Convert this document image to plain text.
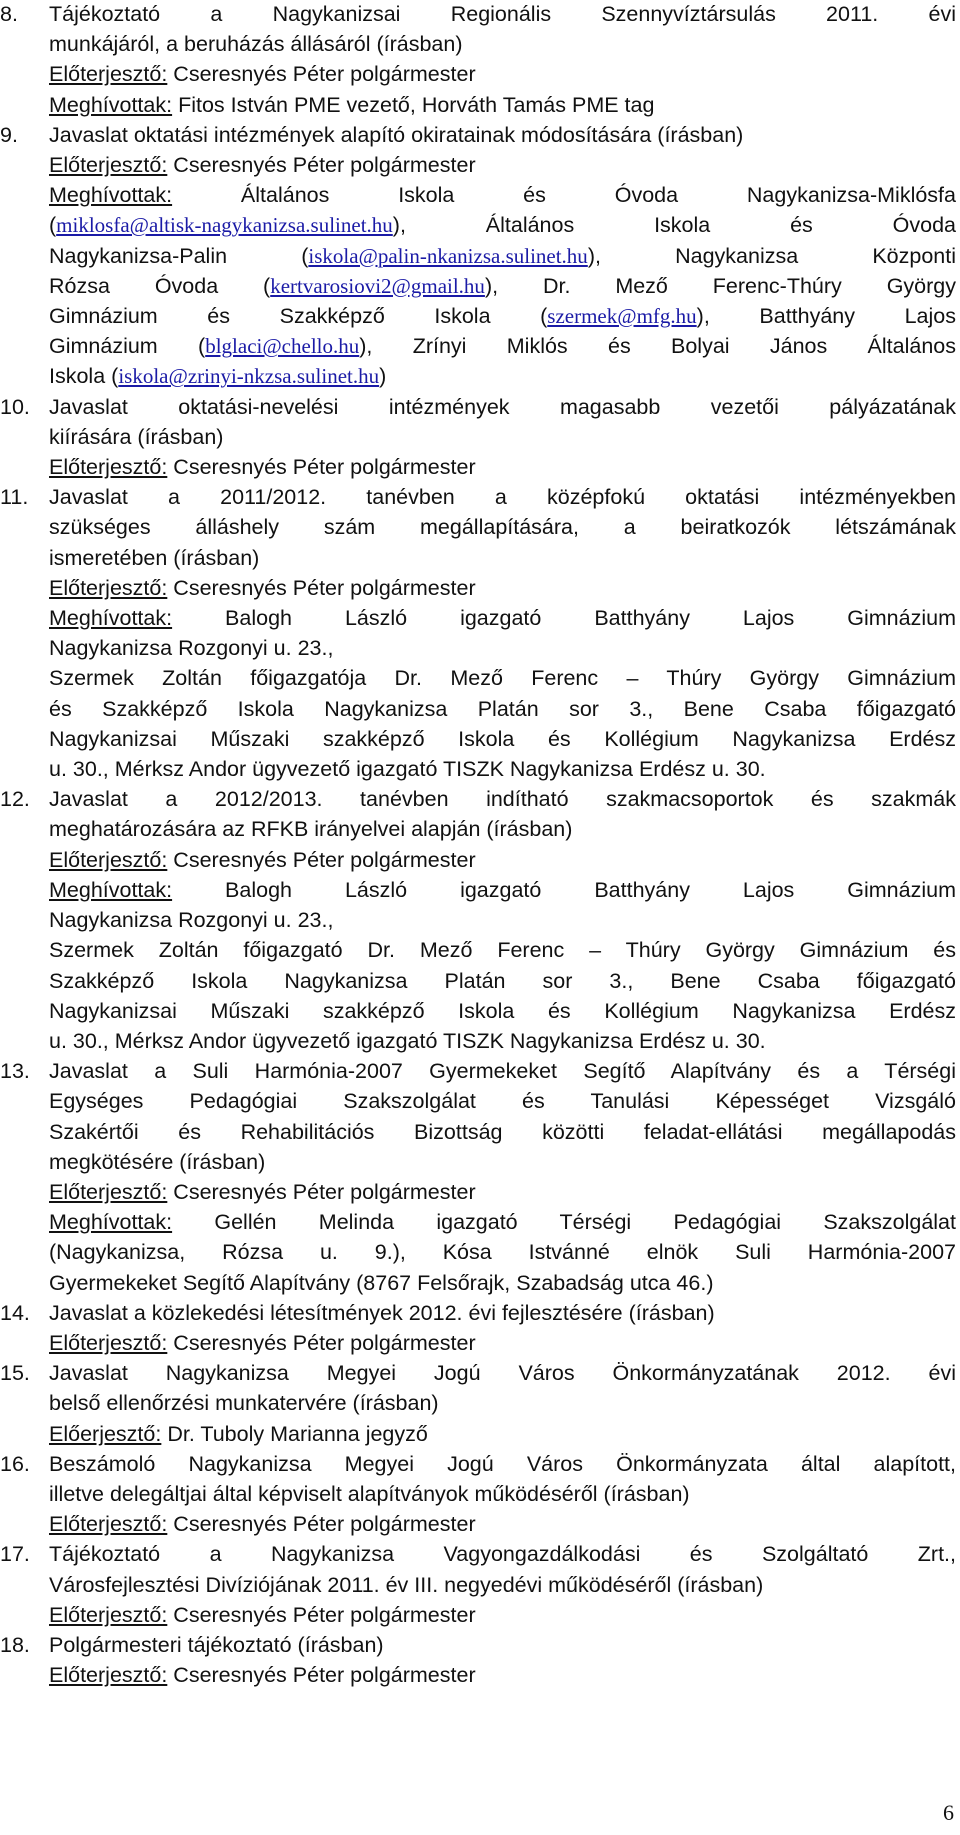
8. Tájékoztató a Nagykanizsai Regionális Szennyvíztársulás 2011. évi
munkájáról, a beruházás állásáról (írásban)
Előterjesztő: Cseresnyés Péter polgármester
Meghívottak: Fitos István PME vezető, Horváth Tamás PME tag
9. Javaslat oktatási intézmények alapító okiratainak módosítására (írásban)
Előterjesztő: Cseresnyés Péter polgármester
Meghívottak: Általános Iskola és Óvoda Nagykanizsa-Miklósfa
(miklosfa@altisk-nagykanizsa.sulinet.hu), Általános Iskola és Óvoda
Nagykanizsa-Palin (iskola@palin-nkanizsa.sulinet.hu), Nagykanizsa Központi
Rózsa Óvoda (kertvarosiovi2@gmail.hu), Dr. Mező Ferenc-Thúry György
Gimnázium és Szakképző Iskola (szermek@mfg.hu), Batthyány Lajos
Gimnázium (blglaci@chello.hu), Zrínyi Miklós és Bolyai János Általános
Iskola (iskola@zrinyi-nkzsa.sulinet.hu)
10. Javaslat oktatási-nevelési intézmények magasabb vezetői pályázatának
kiírására (írásban)
Előterjesztő: Cseresnyés Péter polgármester
11. Javaslat a 2011/2012. tanévben a középfokú oktatási intézményekben
szükséges álláshely szám megállapítására, a beiratkozók létszámának
ismeretében (írásban)
Előterjesztő: Cseresnyés Péter polgármester
Meghívottak: Balogh László igazgató Batthyány Lajos Gimnázium
Nagykanizsa Rozgonyi u. 23.,
Szermek Zoltán főigazgatója Dr. Mező Ferenc – Thúry György Gimnázium
és Szakképző Iskola Nagykanizsa Platán sor 3., Bene Csaba főigazgató
Nagykanizsai Műszaki szakképző Iskola és Kollégium Nagykanizsa Erdész
u. 30., Mérksz Andor ügyvezető igazgató TISZK Nagykanizsa Erdész u. 30.
12. Javaslat a 2012/2013. tanévben indítható szakmacsoportok és szakmák
meghatározására az RFKB irányelvei alapján (írásban)
Előterjesztő: Cseresnyés Péter polgármester
Meghívottak: Balogh László igazgató Batthyány Lajos Gimnázium
Nagykanizsa Rozgonyi u. 23.,
Szermek Zoltán főigazgató Dr. Mező Ferenc – Thúry György Gimnázium és
Szakképző Iskola Nagykanizsa Platán sor 3., Bene Csaba főigazgató
Nagykanizsai Műszaki szakképző Iskola és Kollégium Nagykanizsa Erdész
u. 30., Mérksz Andor ügyvezető igazgató TISZK Nagykanizsa Erdész u. 30.
13. Javaslat a Suli Harmónia-2007 Gyermekeket Segítő Alapítvány és a Térségi
Egységes Pedagógiai Szakszolgálat és Tanulási Képességet Vizsgáló
Szakértői és Rehabilitációs Bizottság közötti feladat-ellátási megállapodás
megkötésére (írásban)
Előterjesztő: Cseresnyés Péter polgármester
Meghívottak: Gellén Melinda igazgató Térségi Pedagógiai Szakszolgálat
(Nagykanizsa, Rózsa u. 9.), Kósa Istvánné elnök Suli Harmónia-2007
Gyermekeket Segítő Alapítvány (8767 Felsőrajk, Szabadság utca 46.)
14. Javaslat a közlekedési létesítmények 2012. évi fejlesztésére (írásban)
Előterjesztő: Cseresnyés Péter polgármester
15. Javaslat Nagykanizsa Megyei Jogú Város Önkormányzatának 2012. évi
belső ellenőrzési munkatervére (írásban)
Előerjesztő: Dr. Tuboly Marianna jegyző
16. Beszámoló Nagykanizsa Megyei Jogú Város Önkormányzata által alapított,
illetve delegáltjai által képviselt alapítványok működéséről (írásban)
Előterjesztő: Cseresnyés Péter polgármester
17. Tájékoztató a Nagykanizsa Vagyongazdálkodási és Szolgáltató Zrt.,
Városfejlesztési Divíziójának 2011. év III. negyedévi működéséről (írásban)
Előterjesztő: Cseresnyés Péter polgármester
18. Polgármesteri tájékoztató (írásban)
Előterjesztő: Cseresnyés Péter polgármester
6
